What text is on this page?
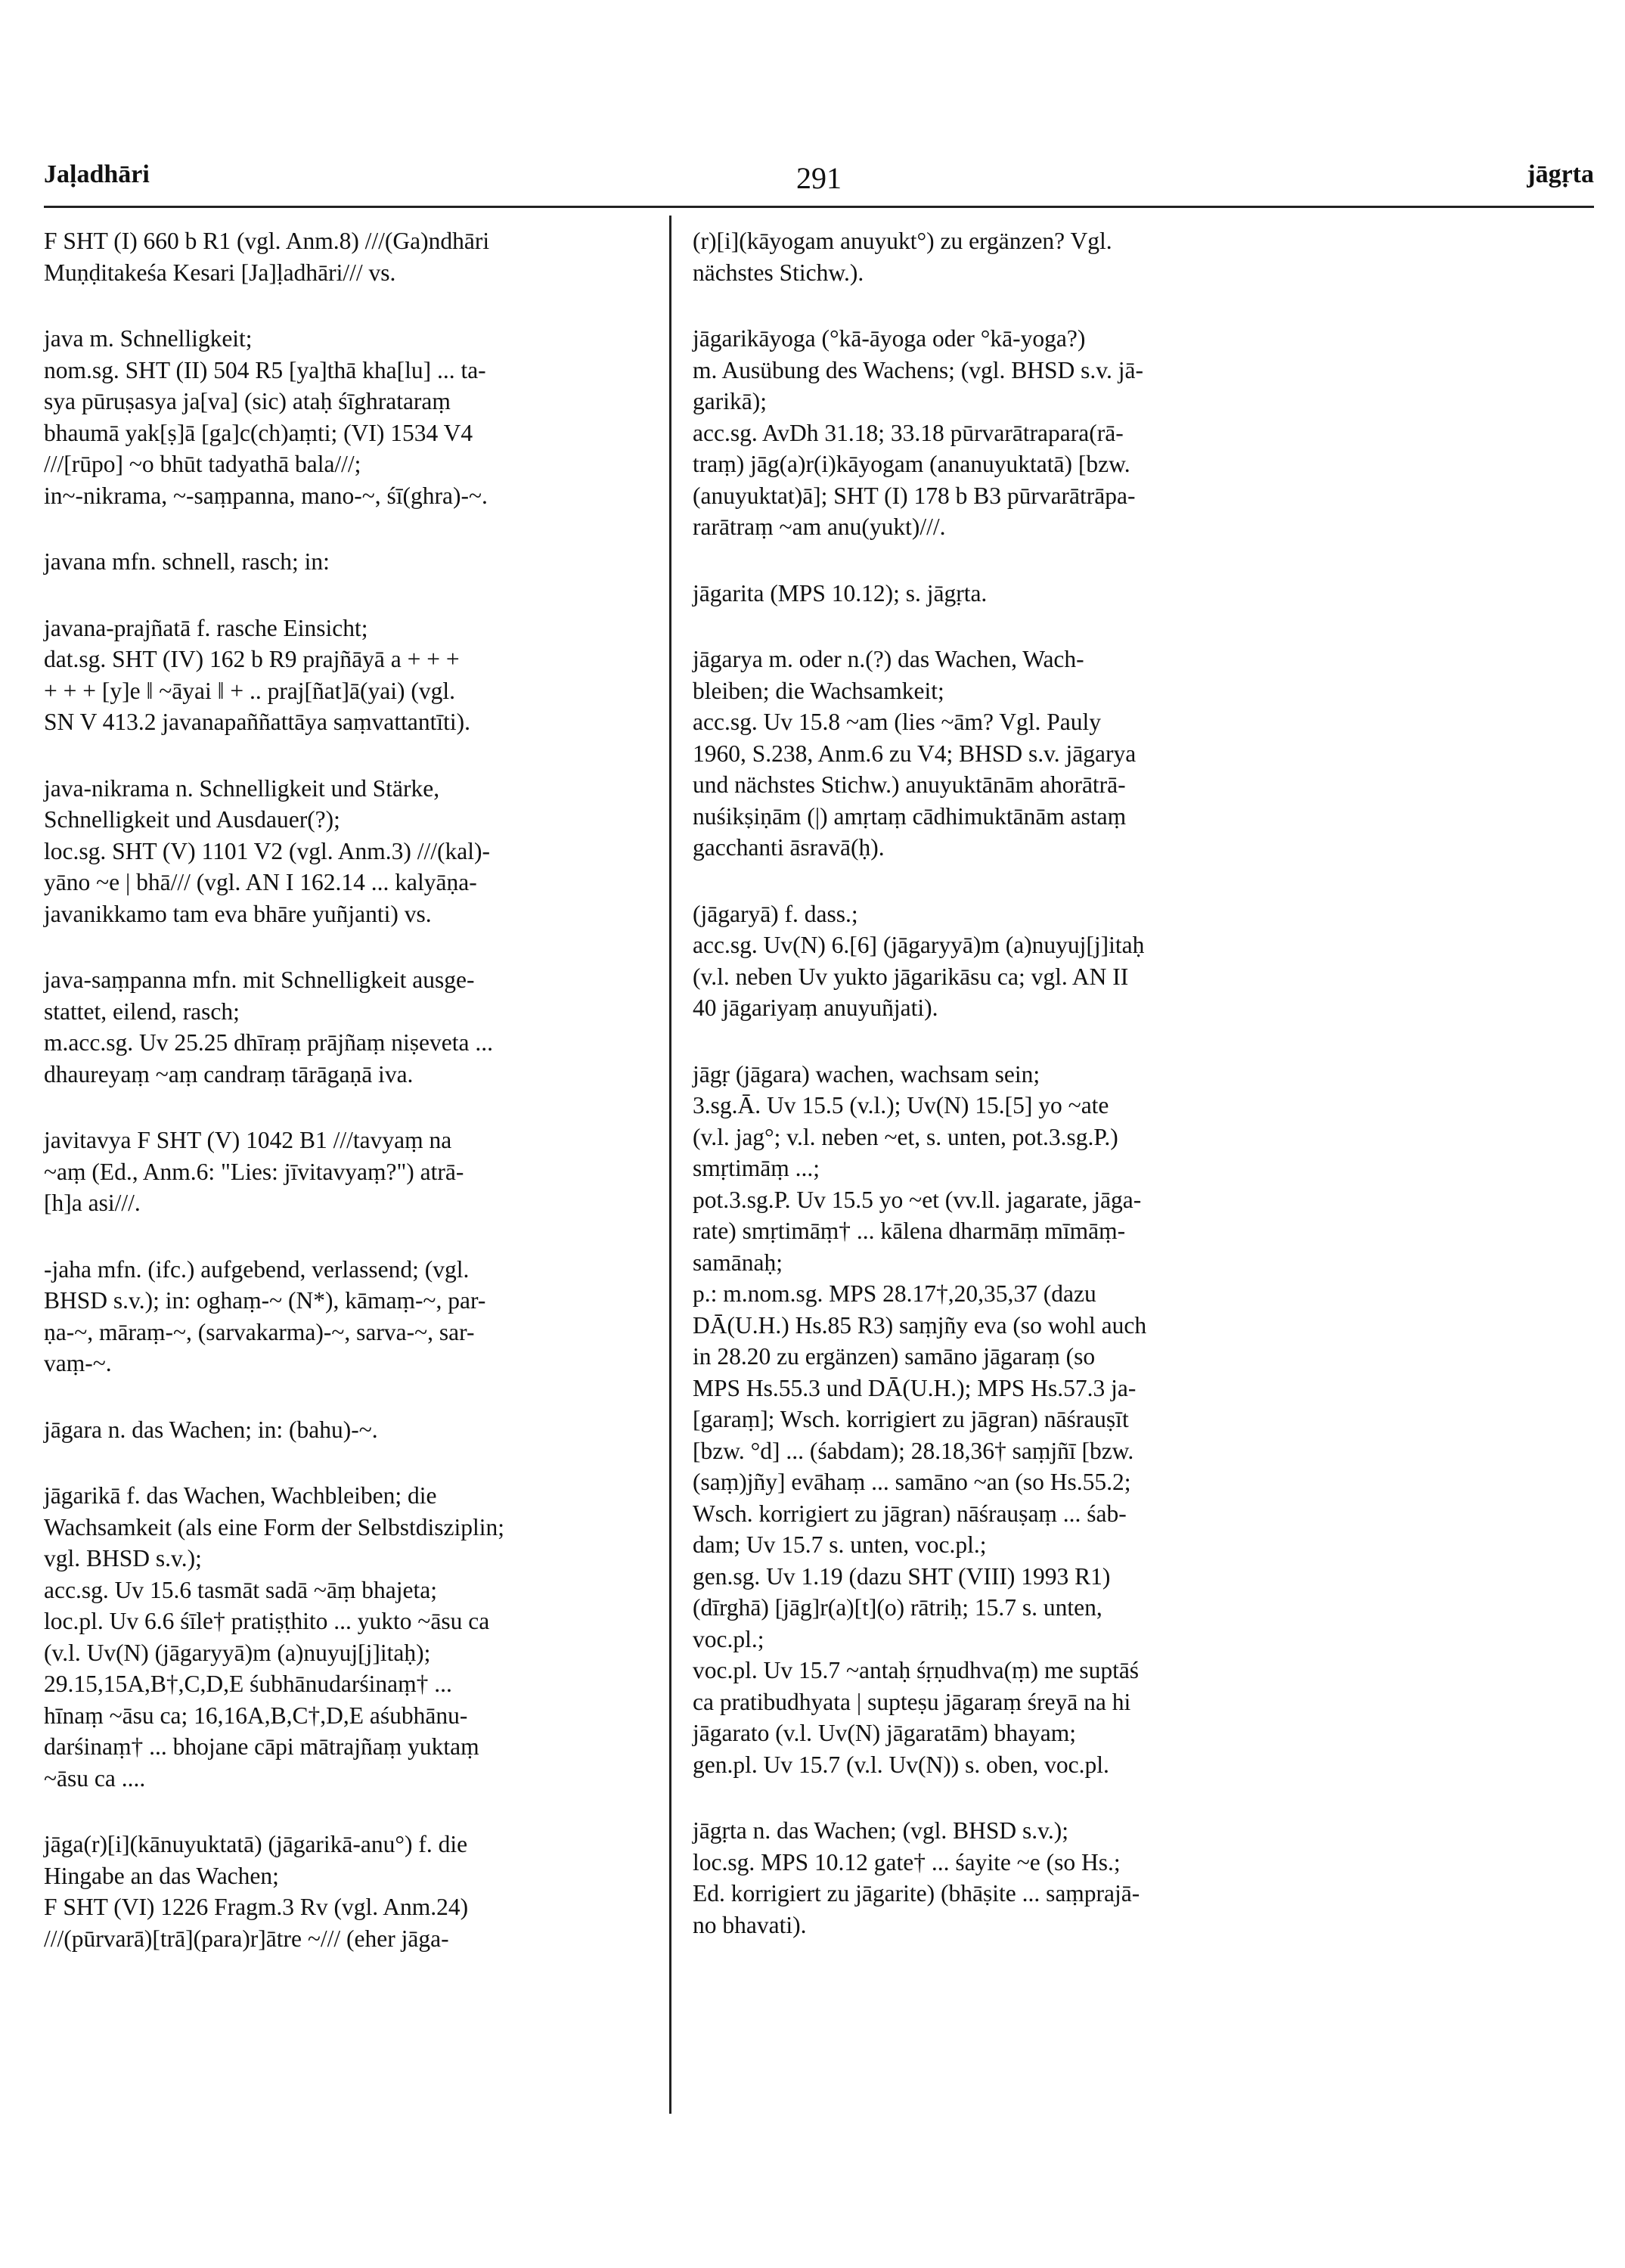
Jaḷadhāri	291	jāgṛta
F SHT (I) 660 b R1 (vgl. Anm.8) ///(Ga)ndhāri
Muṇḍitakeśa Kesari [Ja]ḷadhāri/// vs.
java m. Schnelligkeit;
nom.sg. SHT (II) 504 R5 [ya]thā kha[lu] ... ta-
sya pūruṣasya ja[va] (sic) ataḥ śīghrataraṃ
bhaumā yak[ṣ]ā [ga]c(ch)aṃti; (VI) 1534 V4
///[rūpo] ~o bhūt tadyathā bala///;
in~-nikrama, ~-saṃpanna, mano-~, śī(ghra)-~.
javana mfn. schnell, rasch; in:
javana-prajñatā f. rasche Einsicht;
dat.sg. SHT (IV) 162 b R9 prajñāyā a + + +
+ + + [y]e ‖ ~āyai ‖ + .. praj[ñat]ā(yai) (vgl.
SN V 413.2 javanapaññattāya saṃvattantīti).
java-nikrama n. Schnelligkeit und Stärke,
Schnelligkeit und Ausdauer(?);
loc.sg. SHT (V) 1101 V2 (vgl. Anm.3) ///(kal)-
yāno ~e | bhā/// (vgl. AN I 162.14 ... kalyāṇa-
javanikkamo tam eva bhāre yuñjanti) vs.
java-saṃpanna mfn. mit Schnelligkeit ausge-
stattet, eilend, rasch;
m.acc.sg. Uv 25.25 dhīraṃ prājñaṃ niṣeveta ...
dhaureyaṃ ~aṃ candraṃ tārāgaṇā iva.
javitavya F SHT (V) 1042 B1 ///tavyaṃ na
~aṃ (Ed., Anm.6: "Lies: jīvitavyaṃ?") atrā-
[h]a asi///.
-jaha mfn. (ifc.) aufgebend, verlassend; (vgl.
BHSD s.v.); in: oghaṃ-~ (N*), kāmaṃ-~, par-
ṇa-~, māraṃ-~, (sarvakarma)-~, sarva-~, sar-
vaṃ-~.
jāgara n. das Wachen; in: (bahu)-~.
jāgarikā f. das Wachen, Wachbleiben; die
Wachsamkeit (als eine Form der Selbstdisziplin;
vgl. BHSD s.v.);
acc.sg. Uv 15.6 tasmāt sadā ~āṃ bhajeta;
loc.pl. Uv 6.6 śīle† pratiṣṭhito ... yukto ~āsu ca
(v.l. Uv(N) (jāgaryyā)m (a)nuyuj[j]itaḥ);
29.15,15A,B†,C,D,E śubhānudarśinaṃ† ...
hīnaṃ ~āsu ca; 16,16A,B,C†,D,E aśubhānu-
darśinaṃ† ... bhojane cāpi mātrajñaṃ yuktaṃ
~āsu ca ....
jāga(r)[i](kānuyuktatā) (jāgarikā-anu°) f. die
Hingabe an das Wachen;
F SHT (VI) 1226 Fragm.3 Rv (vgl. Anm.24)
///(pūrvarā)[trā](para)r]ātre ~/// (eher jāga-
(r)[i](kāyogam anuyukt°) zu ergänzen? Vgl.
nächstes Stichw.).
jāgarikāyoga (°kā-āyoga oder °kā-yoga?)
m. Ausübung des Wachens; (vgl. BHSD s.v. jā-
garikā);
acc.sg. AvDh 31.18; 33.18 pūrvarātrapara(rā-
traṃ) jāg(a)r(i)kāyogam (ananuyuktatā) [bzw.
(anuyuktat)ā]; SHT (I) 178 b B3 pūrvarātrāpa-
rarātraṃ ~am anu(yukt)///.
jāgarita (MPS 10.12); s. jāgṛta.
jāgarya m. oder n.(?) das Wachen, Wach-
bleiben; die Wachsamkeit;
acc.sg. Uv 15.8 ~am (lies ~ām? Vgl. Pauly
1960, S.238, Anm.6 zu V4; BHSD s.v. jāgarya
und nächstes Stichw.) anuyuktānām ahorātrā-
nuśikṣiṇām (|) amṛtaṃ cādhimuktānām astaṃ
gacchanti āsravā(ḥ).
(jāgaryā) f. dass.;
acc.sg. Uv(N) 6.[6] (jāgaryyā)m (a)nuyuj[j]itaḥ
(v.l. neben Uv yukto jāgarikāsu ca; vgl. AN II
40 jāgariyaṃ anuyuñjati).
jāgṛ (jāgara) wachen, wachsam sein;
3.sg.Ā. Uv 15.5 (v.l.); Uv(N) 15.[5] yo ~ate
(v.l. jag°; v.l. neben ~et, s. unten, pot.3.sg.P.)
smṛtimāṃ ...;
pot.3.sg.P. Uv 15.5 yo ~et (vv.ll. jagarate, jāga-
rate) smṛtimāṃ† ... kālena dharmāṃ mīmāṃ-
samānaḥ;
p.: m.nom.sg. MPS 28.17†,20,35,37 (dazu
DĀ(U.H.) Hs.85 R3) saṃjñy eva (so wohl auch
in 28.20 zu ergänzen) samāno jāgaraṃ (so
MPS Hs.55.3 und DĀ(U.H.); MPS Hs.57.3 ja-
[garaṃ]; Wsch. korrigiert zu jāgran) nāśrauṣīt
[bzw. °d] ... (śabdam); 28.18,36† saṃjñī [bzw.
(saṃ)jñy] evāhaṃ ... samāno ~an (so Hs.55.2;
Wsch. korrigiert zu jāgran) nāśrauṣaṃ ... śab-
dam; Uv 15.7 s. unten, voc.pl.;
gen.sg. Uv 1.19 (dazu SHT (VIII) 1993 R1)
(dīrghā) [jāg]r(a)[t](o) rātriḥ; 15.7 s. unten,
voc.pl.;
voc.pl. Uv 15.7 ~antaḥ śṛṇudhva(ṃ) me suptāś
ca pratibudhyata | supteṣu jāgaraṃ śreyā na hi
jāgarato (v.l. Uv(N) jāgaratām) bhayam;
gen.pl. Uv 15.7 (v.l. Uv(N)) s. oben, voc.pl.
jāgṛta n. das Wachen; (vgl. BHSD s.v.);
loc.sg. MPS 10.12 gate† ... śayite ~e (so Hs.;
Ed. korrigiert zu jāgarite) (bhāṣite ... saṃprajā-
no bhavati).
